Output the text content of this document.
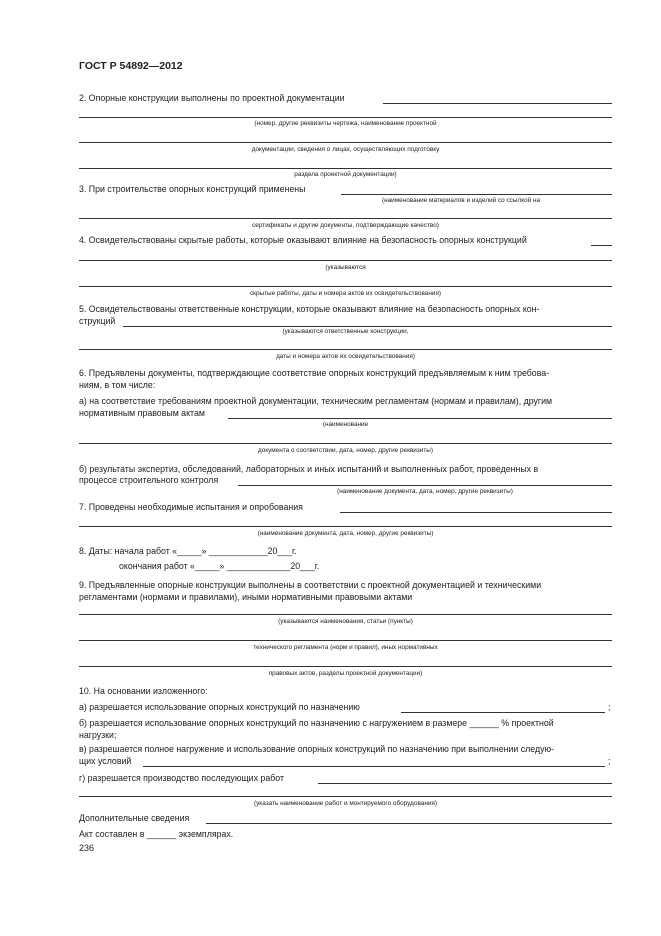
ГОСТ Р 54892—2012
2. Опорные конструкции выполнены по проектной документации
(номер, другие реквизиты чертежа, наименование проектной
документации, сведения о лицах, осуществляющих подготовку
раздела проектной документации)
3. При строительстве опорных конструкций применены
(наименование материалов и изделий со ссылкой на
сертификаты и другие документы, подтверждающие качество)
4. Освидетельствованы скрытые работы, которые оказывают влияние на безопасность опорных конструкций
(указываются
скрытые работы, даты и номера актов их освидетельствования)
5. Освидетельствованы ответственные конструкции, которые оказывают влияние на безопасность опорных кон-
струкций
(указываются ответственные конструкции,
даты и номера актов их освидетельствования)
6. Предъявлены документы, подтверждающие соответствие опорных конструкций предъявляемым к ним требова-
ниям, в том числе:
а) на соответствие требованиям проектной документации, техническим регламентам (нормам и правилам), другим
нормативным правовым актам
(наименование
документа о соответствии, дата, номер, другие реквизиты)
б) результаты экспертиз, обследований, лабораторных и иных испытаний и выполненных работ, проведенных в
процессе строительного контроля
(наименование документа, дата, номер, другие реквизиты)
7. Проведены необходимые испытания и опробования
(наименование документа, дата, номер, другие реквизиты)
8. Даты: начала работ «_____» ____________20___г.
окончания работ «_____» _____________20___г.
9. Предъявленные опорные конструкции выполнены в соответствии с проектной документацией и техническими
регламентами (нормами и правилами), иными нормативными правовыми актами
(указываются наименования, статьи (пункты)
технического регламента (норм и правил), иных нормативных
правовых актов, разделы проектной документации)
10. На основании изложенного:
а) разрешается использование опорных конструкций по назначению	;
б) разрешается использование опорных конструкций по назначению с нагружением в размере ______ % проектной
нагрузки;
в) разрешается полное нагружение и использование опорных конструкций по назначению при выполнении следую-
щих условий	;
г) разрешается производство последующих работ
(указать наименование работ и монтируемого оборудования)
Дополнительные сведения
Акт составлен в ______ экземплярах.
236
